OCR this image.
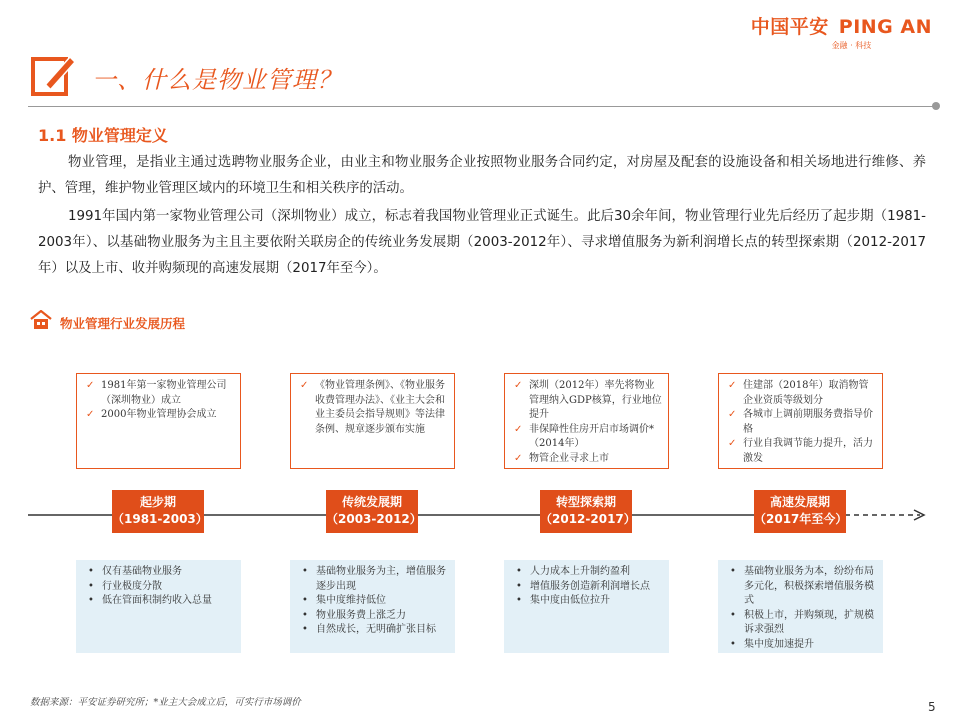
中国平安 PING AN
金融 · 科技
一、什么是物业管理？
1.1 物业管理定义
物业管理，是指业主通过选聘物业服务企业，由业主和物业服务企业按照物业服务合同约定，对房屋及配套的设施设备和相关场地进行维修、养护、管理，维护物业管理区域内的环境卫生和相关秩序的活动。
1991年国内第一家物业管理公司（深圳物业）成立，标志着我国物业管理业正式诞生。此后30余年间，物业管理行业先后经历了起步期（1981-2003年）、以基础物业服务为主且主要依附关联房企的传统业务发展期（2003-2012年）、寻求增值服务为新利润增长点的转型探索期（2012-2017年）以及上市、收并购频现的高速发展期（2017年至今）。
物业管理行业发展历程
✓ 1981年第一家物业管理公司（深圳物业）成立
✓ 2000年物业管理协会成立
起步期
（1981-2003）
• 仅有基础物业服务
• 行业极度分散
• 低在管面积制约收入总量
✓ 《物业管理条例》、《物业服务收费管理办法》、《业主大会和业主委员会指导规则》等法律条例、规章逐步颁布实施
传统发展期
（2003-2012）
• 基础物业服务为主，增值服务逐步出现
• 集中度维持低位
• 物业服务费上涨乏力
• 自然成长，无明确扩张目标
✓ 深圳（2012年）率先将物业管理纳入GDP核算，行业地位提升
✓ 非保障性住房开启市场调价*（2014年）
✓ 物管企业寻求上市
转型探索期
（2012-2017）
• 人力成本上升制约盈利
• 增值服务创造新利润增长点
• 集中度由低位拉升
✓ 住建部（2018年）取消物管企业资质等级划分
✓ 各城市上调前期服务费指导价格
✓ 行业自我调节能力提升，活力激发
高速发展期
（2017年至今）
• 基础物业服务为本，纷纷布局多元化，积极探索增值服务模式
• 积极上市，并购频现，扩规模诉求强烈
• 集中度加速提升
数据来源：平安证券研究所；*业主大会成立后，可实行市场调价	5
